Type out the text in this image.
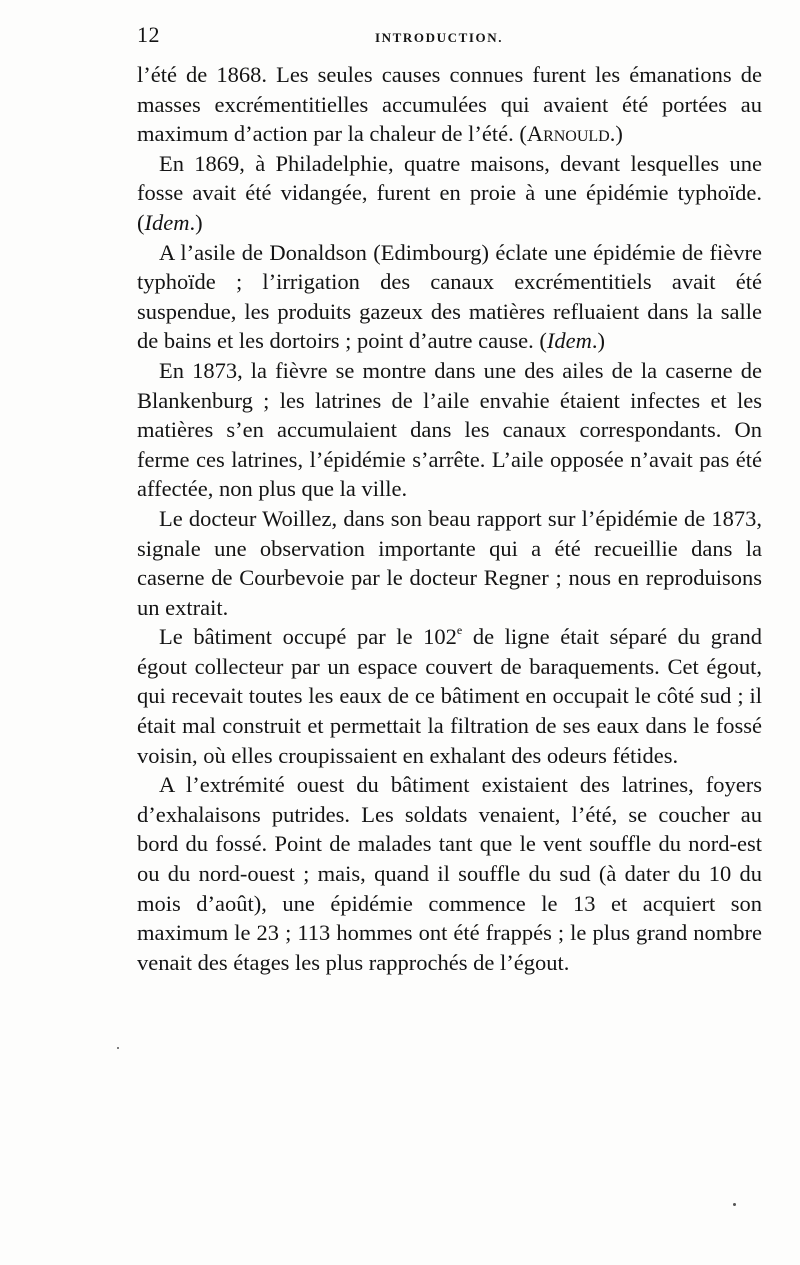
12	INTRODUCTION.

l’été de 1868. Les seules causes connues furent les émanations de masses excrémentitielles accumulées qui avaient été portées au maximum d’action par la chaleur de l’été. (Arnould.)

En 1869, à Philadelphie, quatre maisons, devant lesquelles une fosse avait été vidangée, furent en proie à une épidémie typhoïde. (Idem.)

A l’asile de Donaldson (Edimbourg) éclate une épidémie de fièvre typhoïde ; l’irrigation des canaux excrémentitiels avait été suspendue, les produits gazeux des matières refluaient dans la salle de bains et les dortoirs ; point d’autre cause. (Idem.)

En 1873, la fièvre se montre dans une des ailes de la caserne de Blankenburg ; les latrines de l’aile envahie étaient infectes et les matières s’en accumulaient dans les canaux correspondants. On ferme ces latrines, l’épidémie s’arrête. L’aile opposée n’avait pas été affectée, non plus que la ville.

Le docteur Woillez, dans son beau rapport sur l’épidémie de 1873, signale une observation importante qui a été recueillie dans la caserne de Courbevoie par le docteur Regner ; nous en reproduisons un extrait.

Le bâtiment occupé par le 102e de ligne était séparé du grand égout collecteur par un espace couvert de baraquements. Cet égout, qui recevait toutes les eaux de ce bâtiment en occupait le côté sud ; il était mal construit et permettait la filtration de ses eaux dans le fossé voisin, où elles croupissaient en exhalant des odeurs fétides.

A l’extrémité ouest du bâtiment existaient des latrines, foyers d’exhalaisons putrides. Les soldats venaient, l’été, se coucher au bord du fossé. Point de malades tant que le vent souffle du nord-est ou du nord-ouest ; mais, quand il souffle du sud (à dater du 10 du mois d’août), une épidémie commence le 13 et acquiert son maximum le 23 ; 113 hommes ont été frappés ; le plus grand nombre venait des étages les plus rapprochés de l’égout.
